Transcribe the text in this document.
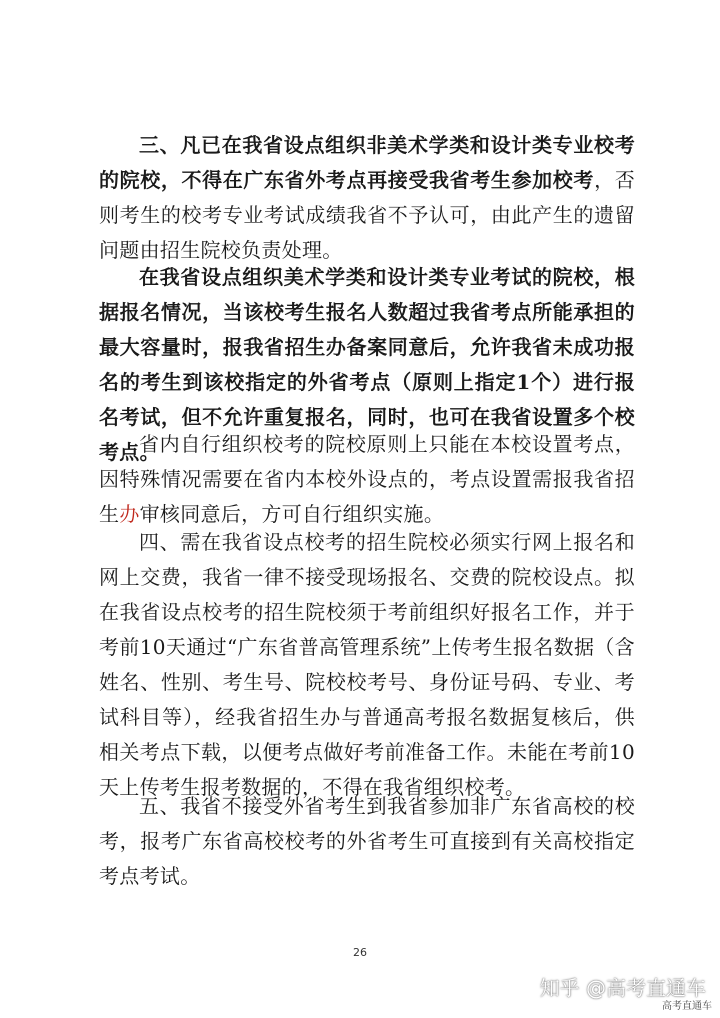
三、凡已在我省设点组织非美术学类和设计类专业校考的院校，不得在广东省外考点再接受我省考生参加校考，否则考生的校考专业考试成绩我省不予认可，由此产生的遗留问题由招生院校负责处理。

在我省设点组织美术学类和设计类专业考试的院校，根据报名情况，当该校考生报名人数超过我省考点所能承担的最大容量时，报我省招生办备案同意后，允许我省未成功报名的考生到该校指定的外省考点（原则上指定1个）进行报名考试，但不允许重复报名，同时，也可在我省设置多个校考点。

省内自行组织校考的院校原则上只能在本校设置考点，因特殊情况需要在省内本校外设点的，考点设置需报我省招生办审核同意后，方可自行组织实施。

四、需在我省设点校考的招生院校必须实行网上报名和网上交费，我省一律不接受现场报名、交费的院校设点。拟在我省设点校考的招生院校须于考前组织好报名工作，并于考前10天通过“广东省普高管理系统”上传考生报名数据（含姓名、性别、考生号、院校校考号、身份证号码、专业、考试科目等），经我省招生办与普通高考报名数据复核后，供相关考点下载，以便考点做好考前准备工作。未能在考前10天上传考生报考数据的，不得在我省组织校考。

五、我省不接受外省考生到我省参加非广东省高校的校考，报考广东省高校校考的外省考生可直接到有关高校指定考点考试。

26
知乎 @高考直通车
高考直通车
